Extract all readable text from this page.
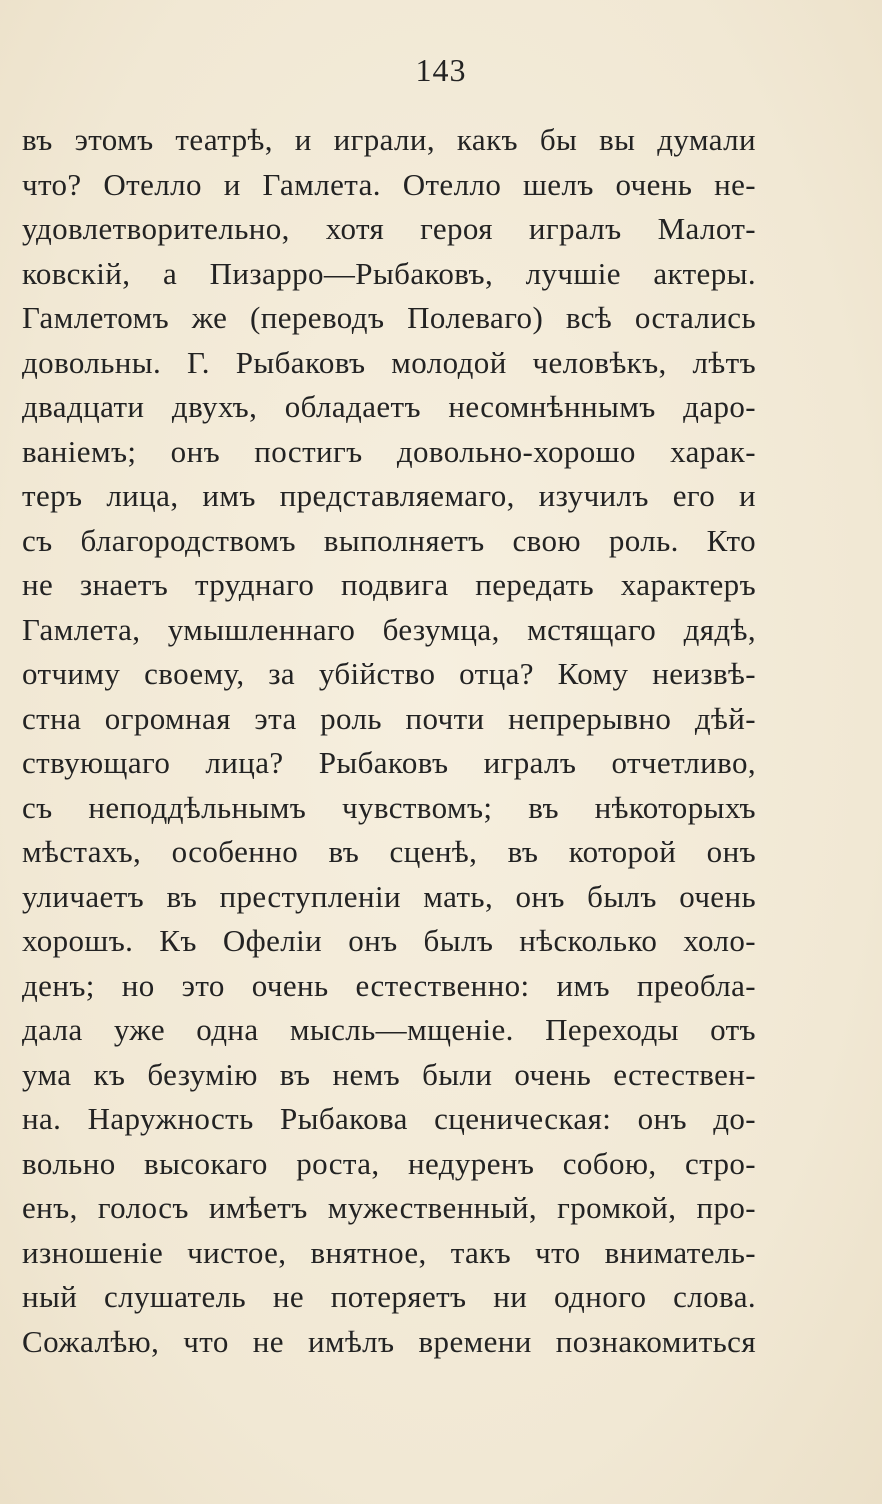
143
въ этомъ театрѣ, и играли, какъ бы вы думали
что? Отелло и Гамлета. Отелло шелъ очень не-
удовлетворительно, хотя героя игралъ Малот-
ковскій, а Пизарро—Рыбаковъ, лучшіе актеры.
Гамлетомъ же (переводъ Полеваго) всѣ остались
довольны. Г. Рыбаковъ молодой человѣкъ, лѣтъ
двадцати двухъ, обладаетъ несомнѣннымъ даро-
ваніемъ; онъ постигъ довольно-хорошо харак-
теръ лица, имъ представляемаго, изучилъ его и
съ благородствомъ выполняетъ свою роль. Кто
не знаетъ труднаго подвига передать характеръ
Гамлета, умышленнаго безумца, мстящаго дядѣ,
отчиму своему, за убійство отца? Кому неизвѣ-
стна огромная эта роль почти непрерывно дѣй-
ствующаго лица? Рыбаковъ игралъ отчетливо,
съ неподдѣльнымъ чувствомъ; въ нѣкоторыхъ
мѣстахъ, особенно въ сценѣ, въ которой онъ
уличаетъ въ преступленіи мать, онъ былъ очень
хорошъ. Къ Офеліи онъ былъ нѣсколько холо-
денъ; но это очень естественно: имъ преобла-
дала уже одна мысль—мщеніе. Переходы отъ
ума къ безумію въ немъ были очень естествен-
на. Наружность Рыбакова сценическая: онъ до-
вольно высокаго роста, недуренъ собою, стро-
енъ, голосъ имѣетъ мужественный, громкой, про-
изношеніе чистое, внятное, такъ что вниматель-
ный слушатель не потеряетъ ни одного слова.
Сожалѣю, что не имѣлъ времени познакомиться
